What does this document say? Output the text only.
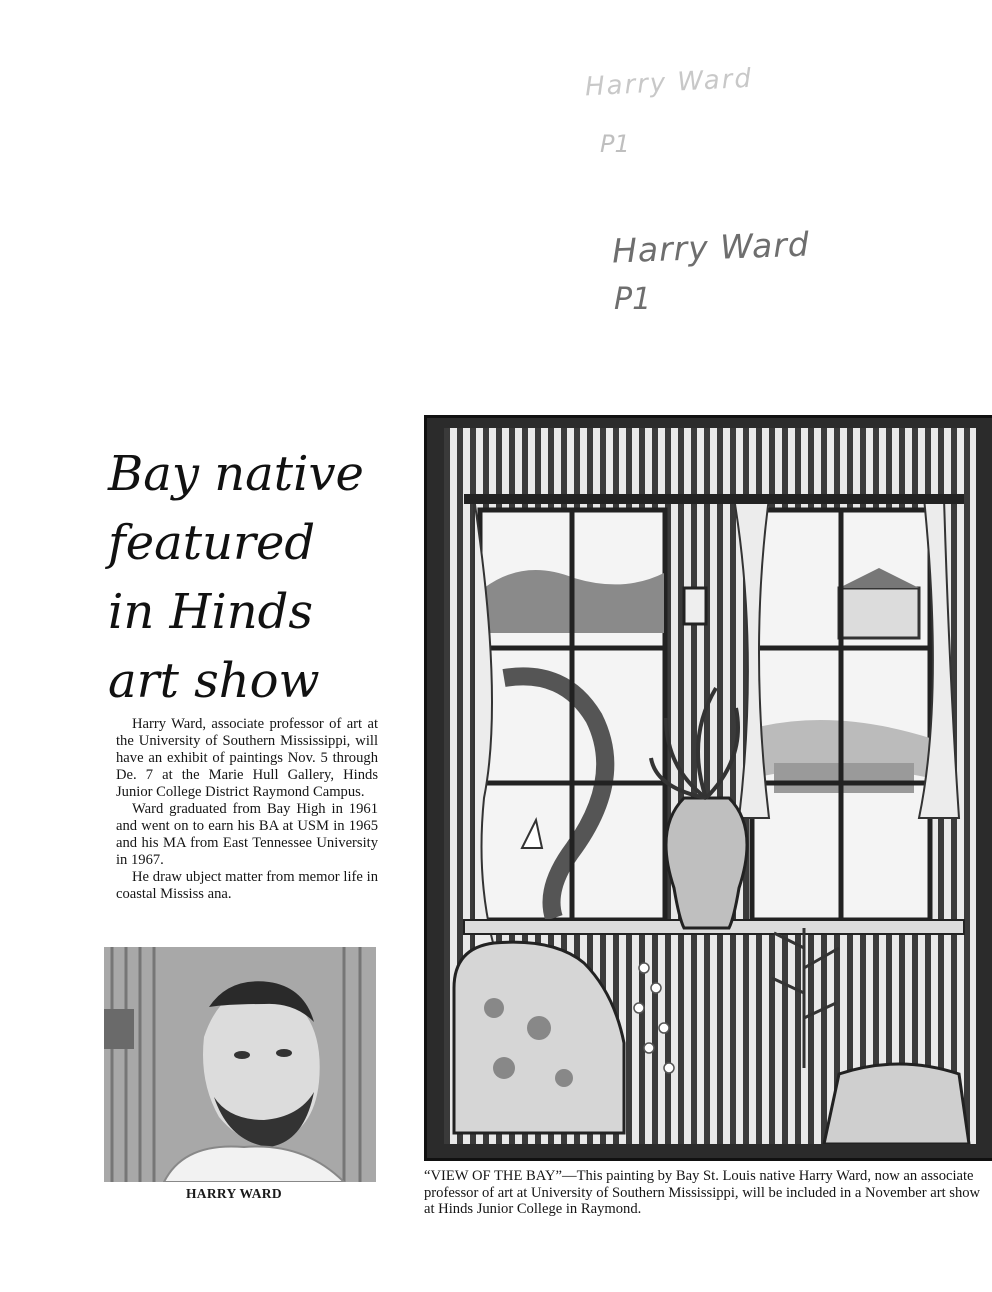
Harry Ward
P1
Harry Ward
P1
Bay native
featured
in Hinds
art show

Harry Ward, associate professor of art at the University of Southern Mississippi, will have an exhibit of paintings Nov. 5 through De. 7 at the Marie Hull Gallery, Hinds Junior College District Raymond Campus.

Ward graduated from Bay High in 1961 and went on to earn his BA at USM in 1965 and his MA from East Tennessee University in 1967.

He draw ubject matter from memor life in coastal Mississ ana.

HARRY WARD

“VIEW OF THE BAY”—This painting by Bay St. Louis native Harry Ward, now an associate professor of art at University of Southern Mississippi, will be included in a November art show at Hinds Junior College in Raymond.
